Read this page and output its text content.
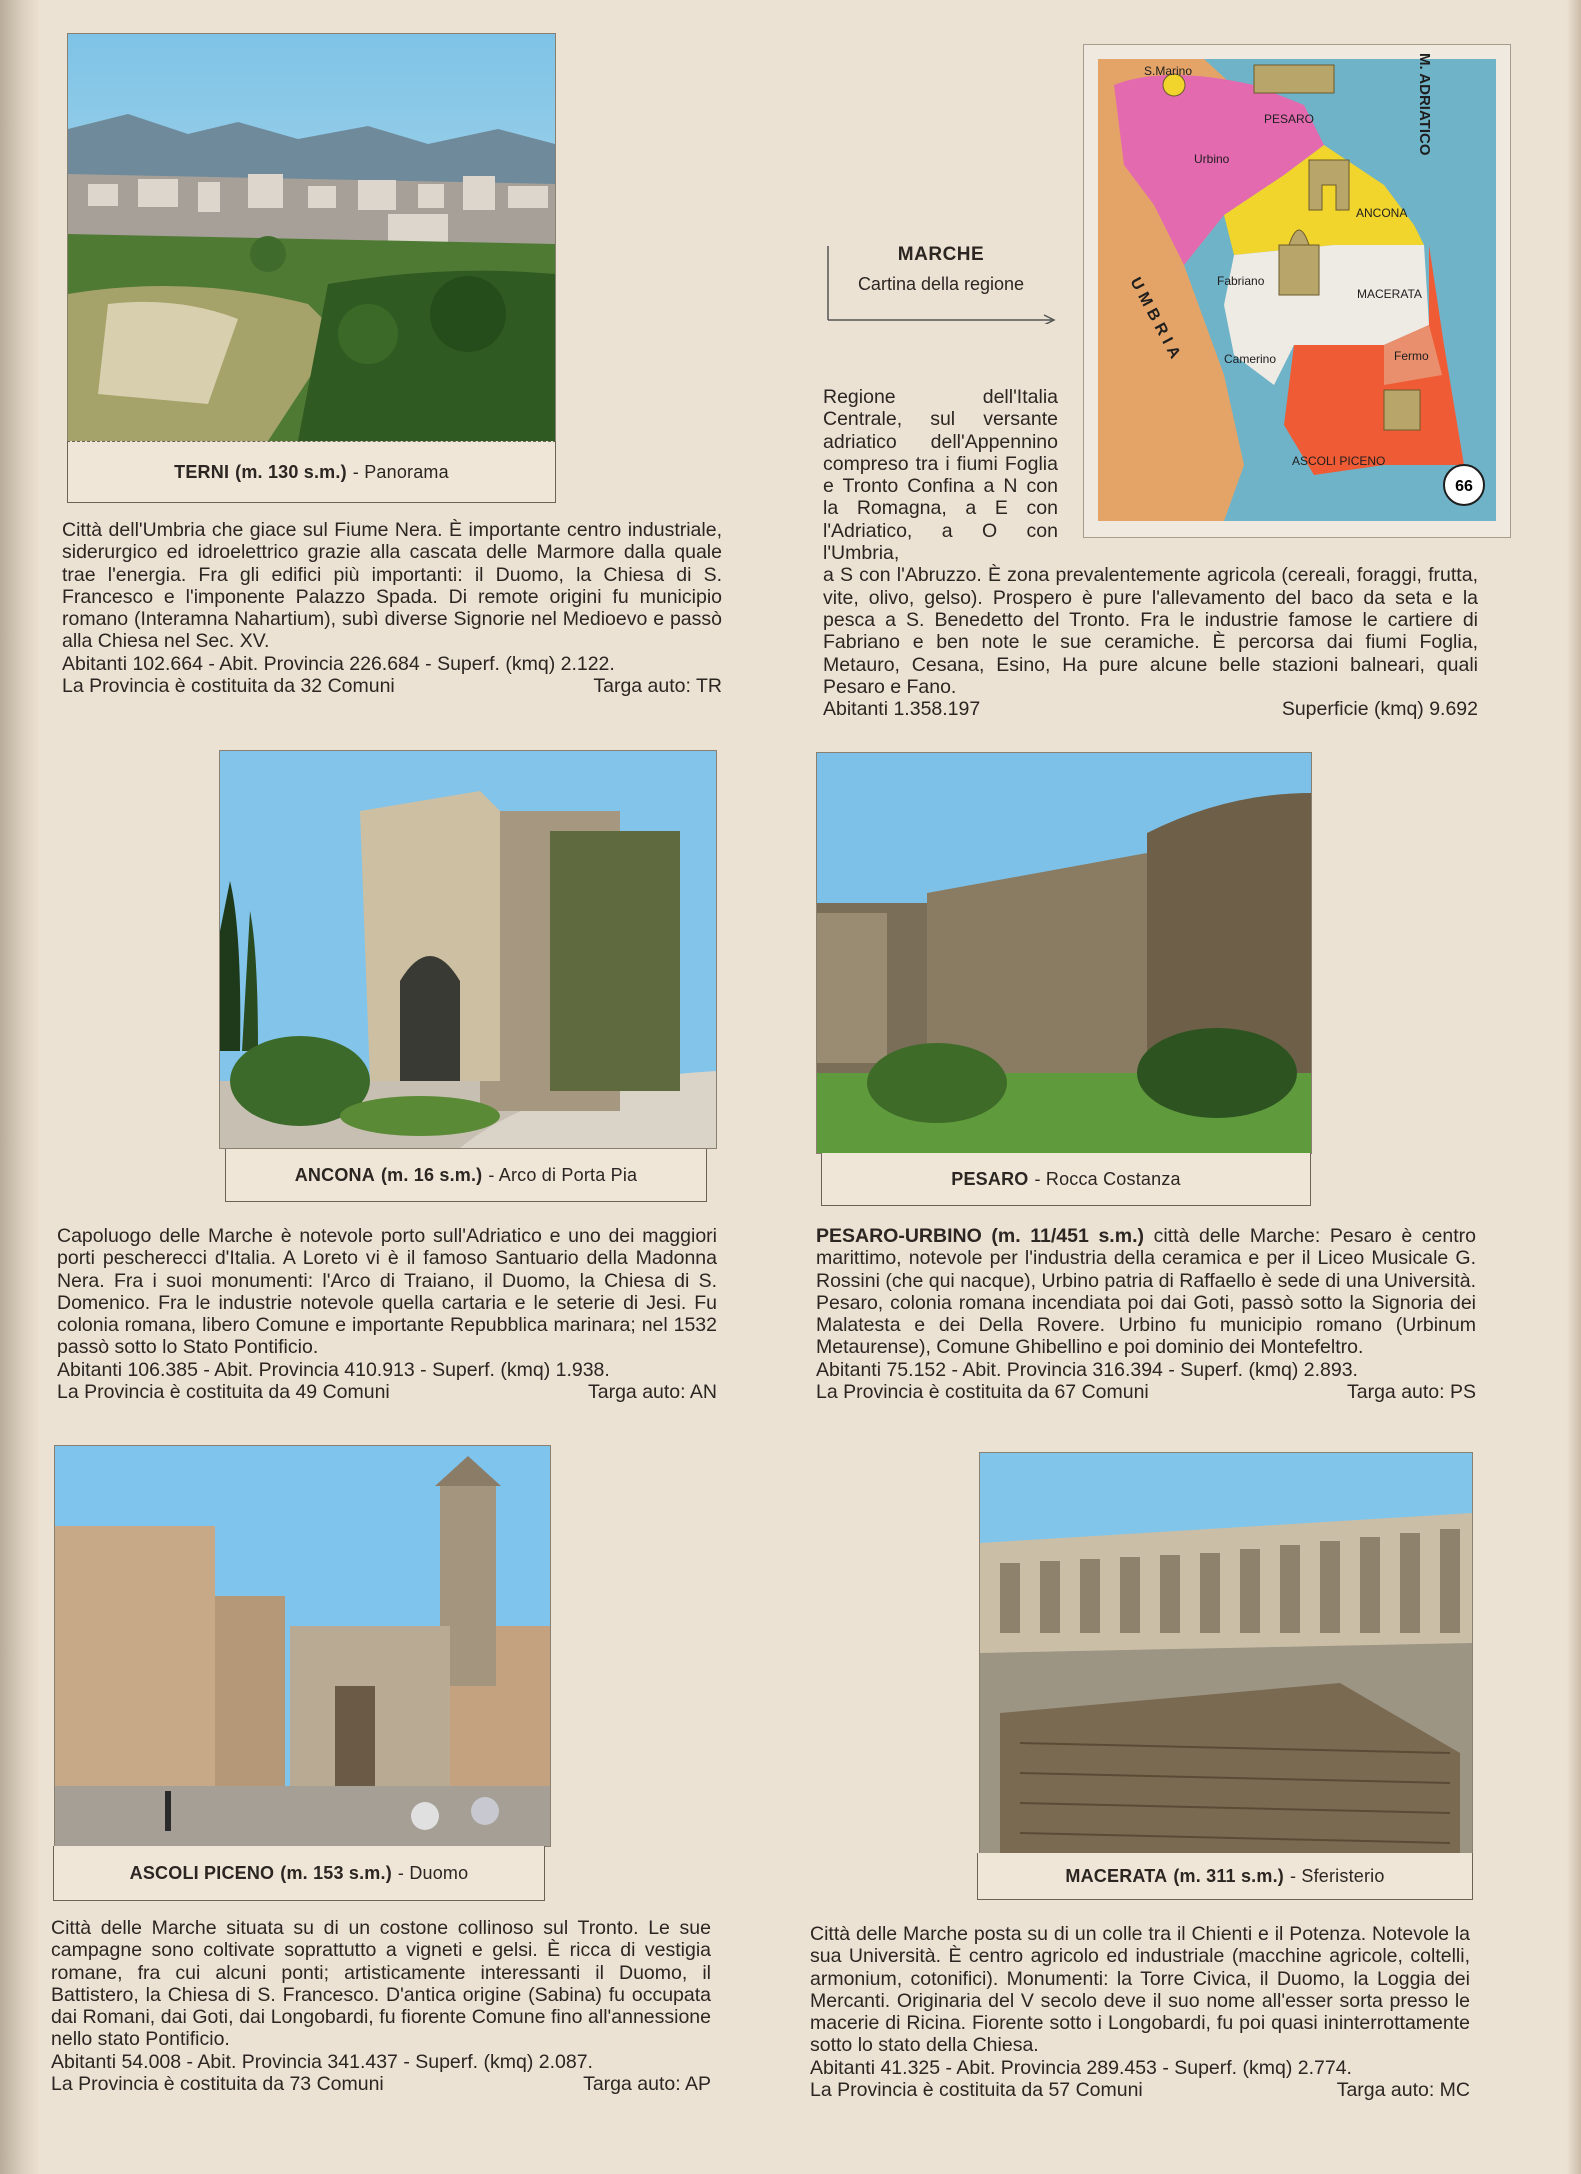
TERNI (m. 130 s.m.) - Panorama

Città dell'Umbria che giace sul Fiume Nera. È importante centro industriale, siderurgico ed idroelettrico grazie alla cascata delle Marmore dalla quale trae l'energia. Fra gli edifici più importanti: il Duomo, la Chiesa di S. Francesco e l'imponente Palazzo Spada. Di remote origini fu municipio romano (Interamna Nahartium), subì diverse Signorie nel Medioevo e passò alla Chiesa nel Sec. XV.

Abitanti 102.664 - Abit. Provincia 226.684 - Superf. (kmq) 2.122.
La Provincia è costituita da 32 Comuni	Targa auto: TR
MARCHE
Cartina della regione
S.Marino
PESARO
Urbino
ANCONA
Fabriano
MACERATA
Camerino	Fermo
ASCOLI PICENO
M. ADRIATICO
UMBRIA
66

Regione dell'Italia Centrale, sul versante adriatico dell'Appennino compreso tra i fiumi Foglia e Tronto Confina a N con la Romagna, a E con l'Adriatico, a O con l'Umbria,

a S con l'Abruzzo. È zona prevalentemente agricola (cereali, foraggi, frutta, vite, olivo, gelso). Prospero è pure l'allevamento del baco da seta e la pesca a S. Benedetto del Tronto. Fra le industrie famose le cartiere di Fabriano e ben note le sue ceramiche. È percorsa dai fiumi Foglia, Metauro, Cesana, Esino, Ha pure alcune belle stazioni balneari, quali Pesaro e Fano.

Abitanti 1.358.197	Superficie (kmq) 9.692
ANCONA (m. 16 s.m.) - Arco di Porta Pia

Capoluogo delle Marche è notevole porto sull'Adriatico e uno dei maggiori porti pescherecci d'Italia. A Loreto vi è il famoso Santuario della Madonna Nera. Fra i suoi monumenti: l'Arco di Traiano, il Duomo, la Chiesa di S. Domenico. Fra le industrie notevole quella cartaria e le seterie di Jesi. Fu colonia romana, libero Comune e importante Repubblica marinara; nel 1532 passò sotto lo Stato Pontificio.

Abitanti 106.385 - Abit. Provincia 410.913 - Superf. (kmq) 1.938.
La Provincia è costituita da 49 Comuni	Targa auto: AN
PESARO - Rocca Costanza

PESARO-URBINO (m. 11/451 s.m.) città delle Marche: Pesaro è centro marittimo, notevole per l'industria della ceramica e per il Liceo Musicale G. Rossini (che qui nacque), Urbino patria di Raffaello è sede di una Università. Pesaro, colonia romana incendiata poi dai Goti, passò sotto la Signoria dei Malatesta e dei Della Rovere. Urbino fu municipio romano (Urbinum Metaurense), Comune Ghibellino e poi dominio dei Montefeltro.

Abitanti 75.152 - Abit. Provincia 316.394 - Superf. (kmq) 2.893.
La Provincia è costituita da 67 Comuni	Targa auto: PS
ASCOLI PICENO (m. 153 s.m.) - Duomo

Città delle Marche situata su di un costone collinoso sul Tronto. Le sue campagne sono coltivate soprattutto a vigneti e gelsi. È ricca di vestigia romane, fra cui alcuni ponti; artisticamente interessanti il Duomo, il Battistero, la Chiesa di S. Francesco. D'antica origine (Sabina) fu occupata dai Romani, dai Goti, dai Longobardi, fu fiorente Comune fino all'annessione nello stato Pontificio.

Abitanti 54.008 - Abit. Provincia 341.437 - Superf. (kmq) 2.087.
La Provincia è costituita da 73 Comuni	Targa auto: AP
MACERATA (m. 311 s.m.) - Sferisterio

Città delle Marche posta su di un colle tra il Chienti e il Potenza. Notevole la sua Università. È centro agricolo ed industriale (macchine agricole, coltelli, armonium, cotonifici). Monumenti: la Torre Civica, il Duomo, la Loggia dei Mercanti. Originaria del V secolo deve il suo nome all'esser sorta presso le macerie di Ricina. Fiorente sotto i Longobardi, fu poi quasi ininterrottamente sotto lo stato della Chiesa.

Abitanti 41.325 - Abit. Provincia 289.453 - Superf. (kmq) 2.774.
La Provincia è costituita da 57 Comuni	Targa auto: MC
